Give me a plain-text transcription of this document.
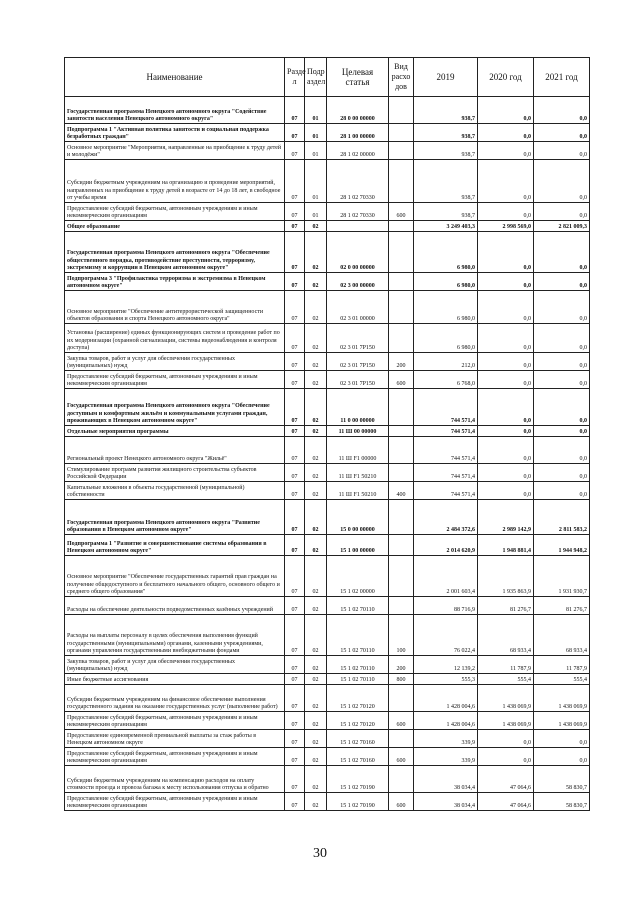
Наименование	Разде л	Подр аздел	Целевая статья	Вид расхо дов	2019	2020 год	2021 год
Государственная программа Ненецкого автономного округа "Содействие занятости населения Ненецкого автономного округа"	07	01	28 0 00 00000		938,7	0,0	0,0
Подпрограмма 1 "Активная политика занятости и социальная поддержка безработных граждан"	07	01	28 1 00 00000		938,7	0,0	0,0
Основное мероприятие "Мероприятия, направленные на приобщение к труду детей и молодёжи"	07	01	28 1 02 00000		938,7	0,0	0,0
Субсидии бюджетным учреждениям на организацию и проведение мероприятий, направленных на приобщение к труду детей в возрасте от 14 до 18 лет, в свободное от учебы время	07	01	28 1 02 70330		938,7	0,0	0,0
Предоставление субсидий бюджетным, автономным учреждениям и иным некоммерческим организациям	07	01	28 1 02 70330	600	938,7	0,0	0,0
Общее образование	07	02			3 249 403,3	2 998 569,0	2 821 009,3
Государственная программа Ненецкого автономного округа "Обеспечение общественного порядка, противодействие преступности, терроризму, экстремизму и коррупции в Ненецком автономном округе"	07	02	02 0 00 00000		6 980,0	0,0	0,0
Подпрограмма 3 "Профилактика терроризма и экстремизма в Ненецком автономном округе"	07	02	02 3 00 00000		6 980,0	0,0	0,0
Основное мероприятие "Обеспечение антитеррористической защищенности объектов образования и спорта Ненецкого автономного округа"	07	02	02 3 01 00000		6 980,0	0,0	0,0
Установка (расширение) единых функционирующих систем и проведение работ по их модернизации (охранной сигнализации, системы видеонаблюдения и контроля доступа)	07	02	02 3 01 7P150		6 980,0	0,0	0,0
Закупка товаров, работ и услуг для обеспечения государственных (муниципальных) нужд	07	02	02 3 01 7P150	200	212,0	0,0	0,0
Предоставление субсидий бюджетным, автономным учреждениям и иным некоммерческим организациям	07	02	02 3 01 7P150	600	6 768,0	0,0	0,0
Государственная программа Ненецкого автономного округа "Обеспечение доступным и комфортным жильём и коммунальными услугами граждан, проживающих в Ненецком автономном округе"	07	02	11 0 00 00000		744 571,4	0,0	0,0
Отдельные мероприятия программы	07	02	11 Ш 00 00000		744 571,4	0,0	0,0
Региональный проект Ненецкого автономного округа "Жильё"	07	02	11 Ш F1 00000		744 571,4	0,0	0,0
Стимулирование программ развития жилищного строительства субъектов Российской Федерации	07	02	11 Ш F1 50210		744 571,4	0,0	0,0
Капитальные вложения в объекты государственной (муниципальной) собственности	07	02	11 Ш F1 50210	400	744 571,4	0,0	0,0
Государственная программа Ненецкого автономного округа "Развитие образования в Ненецком автономном округе"	07	02	15 0 00 00000		2 484 372,6	2 989 142,9	2 811 583,2
Подпрограмма 1 "Развитие и совершенствование системы образования в Ненецком автономном округе"	07	02	15 1 00 00000		2 014 620,9	1 948 881,4	1 944 948,2
Основное мероприятие "Обеспечение государственных гарантий прав граждан на получение общедоступного и бесплатного начального общего, основного общего и среднего общего образования"	07	02	15 1 02 00000		2 001 603,4	1 935 863,9	1 931 930,7
Расходы на обеспечение деятельности подведомственных казённых учреждений	07	02	15 1 02 70110		88 716,9	81 276,7	81 276,7
Расходы на выплаты персоналу в целях обеспечения выполнения функций государственными (муниципальными) органами, казенными учреждениями, органами управления государственными внебюджетными фондами	07	02	15 1 02 70110	100	76 022,4	68 933,4	68 933,4
Закупка товаров, работ и услуг для обеспечения государственных (муниципальных) нужд	07	02	15 1 02 70110	200	12 139,2	11 787,9	11 787,9
Иные бюджетные ассигнования	07	02	15 1 02 70110	800	555,3	555,4	555,4
Субсидии бюджетным учреждениям на финансовое обеспечение выполнения государственного задания на оказание государственных услуг (выполнение работ)	07	02	15 1 02 70120		1 428 004,6	1 438 069,9	1 438 069,9
Предоставление субсидий бюджетным, автономным учреждениям и иным некоммерческим организациям	07	02	15 1 02 70120	600	1 428 004,6	1 438 069,9	1 438 069,9
Предоставление единовременной премиальной выплаты за стаж работы в Ненецком автономном округе	07	02	15 1 02 70160		339,9	0,0	0,0
Предоставление субсидий бюджетным, автономным учреждениям и иным некоммерческим организациям	07	02	15 1 02 70160	600	339,9	0,0	0,0
Субсидии бюджетным учреждениям на компенсацию расходов на оплату стоимости проезда и провоза багажа к месту использования отпуска и обратно	07	02	15 1 02 70190		38 034,4	47 064,6	58 830,7
Предоставление субсидий бюджетным, автономным учреждениям и иным некоммерческим организациям	07	02	15 1 02 70190	600	38 034,4	47 064,6	58 830,7
30
